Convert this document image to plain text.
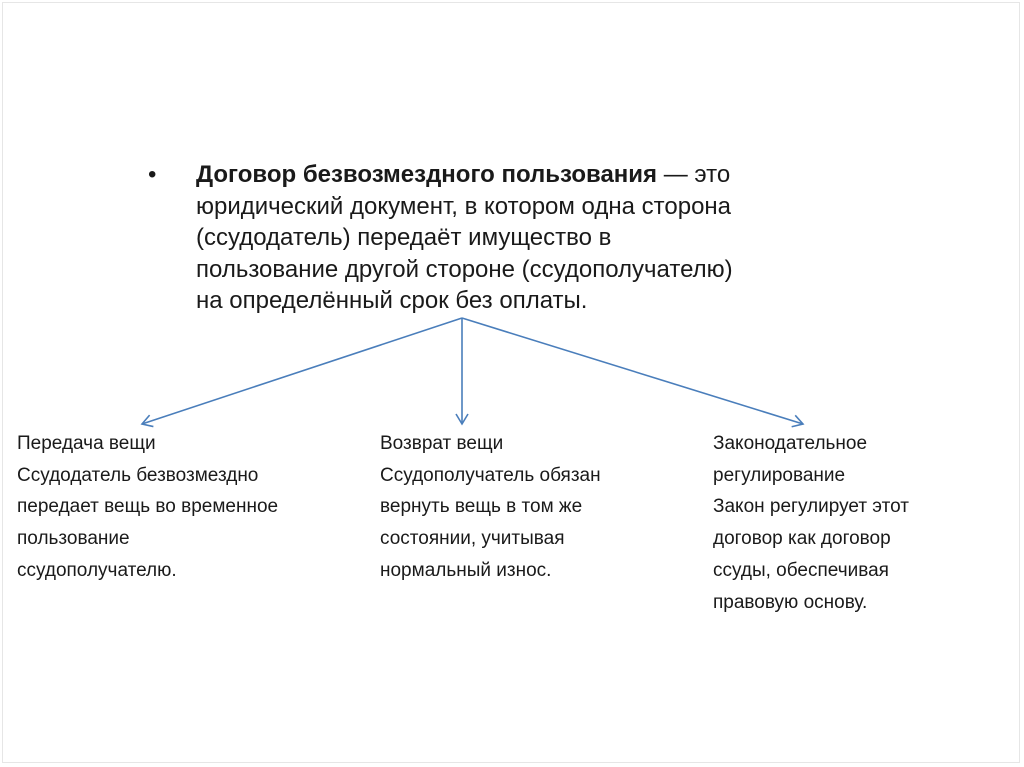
• Договор безвозмездного пользования — это
юридический документ, в котором одна сторона
(ссудодатель) передаёт имущество в
пользование другой стороне (ссудополучателю)
на определённый срок без оплаты.
Передача вещи
Ссудодатель безвозмездно
передает вещь во временное
пользование
ссудополучателю.
Возврат вещи
Ссудополучатель обязан
вернуть вещь в том же
состоянии, учитывая
нормальный износ.
Законодательное
регулирование
Закон регулирует этот
договор как договор
ссуды, обеспечивая
правовую основу.
